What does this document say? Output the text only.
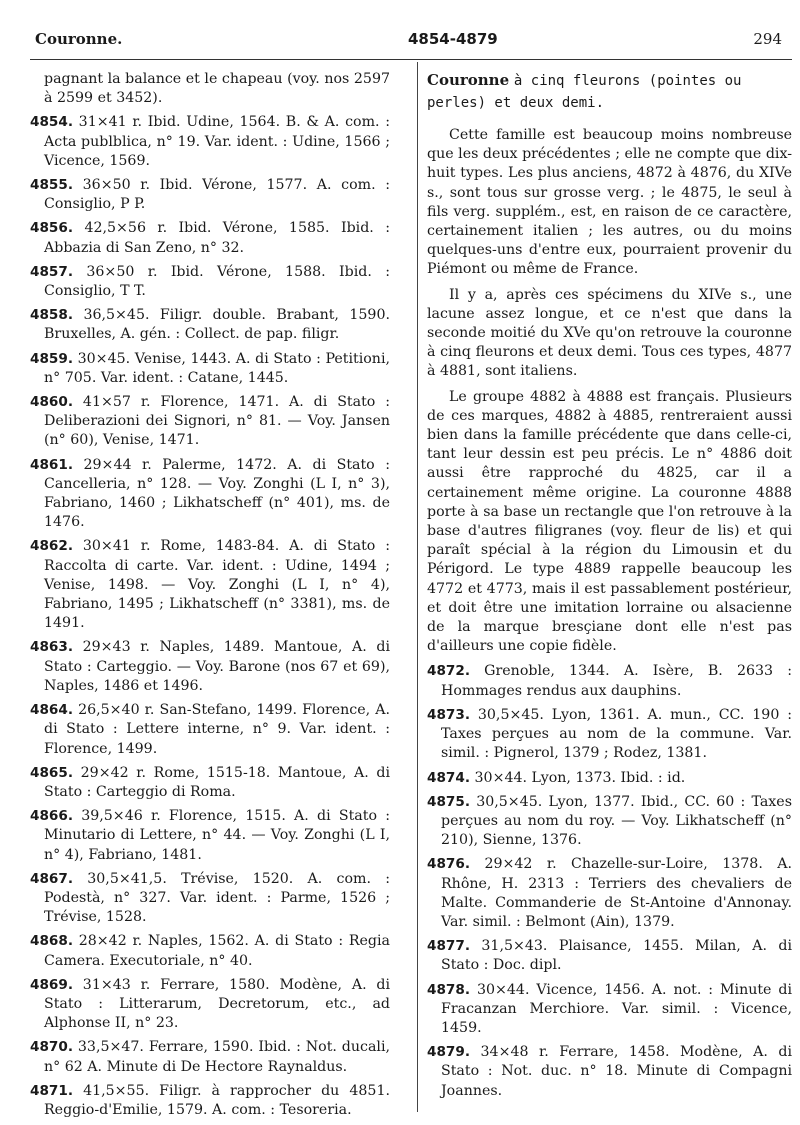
Couronne.	4854-4879	294

pagnant la balance et le chapeau (voy. nos 2597 à 2599 et 3452).

4854. 31×41 r. Ibid. Udine, 1564. B. & A. com. : Acta publblica, n° 19. Var. ident. : Udine, 1566 ; Vicence, 1569.

4855. 36×50 r. Ibid. Vérone, 1577. A. com. : Consiglio, P P.

4856. 42,5×56 r. Ibid. Vérone, 1585. Ibid. : Abbazia di San Zeno, n° 32.

4857. 36×50 r. Ibid. Vérone, 1588. Ibid. : Consiglio, T T.

4858. 36,5×45. Filigr. double. Brabant, 1590. Bruxelles, A. gén. : Collect. de pap. filigr.

4859. 30×45. Venise, 1443. A. di Stato : Petitioni, n° 705. Var. ident. : Catane, 1445.

4860. 41×57 r. Florence, 1471. A. di Stato : Deliberazioni dei Signori, n° 81. — Voy. Jansen (n° 60), Venise, 1471.

4861. 29×44 r. Palerme, 1472. A. di Stato : Cancelleria, n° 128. — Voy. Zonghi (L I, n° 3), Fabriano, 1460 ; Likhatscheff (n° 401), ms. de 1476.

4862. 30×41 r. Rome, 1483-84. A. di Stato : Raccolta di carte. Var. ident. : Udine, 1494 ; Venise, 1498. — Voy. Zonghi (L I, n° 4), Fabriano, 1495 ; Likhatscheff (n° 3381), ms. de 1491.

4863. 29×43 r. Naples, 1489. Mantoue, A. di Stato : Carteggio. — Voy. Barone (nos 67 et 69), Naples, 1486 et 1496.

4864. 26,5×40 r. San-Stefano, 1499. Florence, A. di Stato : Lettere interne, n° 9. Var. ident. : Florence, 1499.

4865. 29×42 r. Rome, 1515-18. Mantoue, A. di Stato : Carteggio di Roma.

4866. 39,5×46 r. Florence, 1515. A. di Stato : Minutario di Lettere, n° 44. — Voy. Zonghi (L I, n° 4), Fabriano, 1481.

4867. 30,5×41,5. Trévise, 1520. A. com. : Podestà, n° 327. Var. ident. : Parme, 1526 ; Trévise, 1528.

4868. 28×42 r. Naples, 1562. A. di Stato : Regia Camera. Executoriale, n° 40.

4869. 31×43 r. Ferrare, 1580. Modène, A. di Stato : Litterarum, Decretorum, etc., ad Alphonse II, n° 23.

4870. 33,5×47. Ferrare, 1590. Ibid. : Not. ducali, n° 62 A. Minute di De Hectore Raynaldus.

4871. 41,5×55. Filigr. à rapprocher du 4851. Reggio-d'Emilie, 1579. A. com. : Tesoreria.

Couronne à cinq fleurons (pointes ou perles) et deux demi.

Cette famille est beaucoup moins nombreuse que les deux précédentes ; elle ne compte que dix-huit types. Les plus anciens, 4872 à 4876, du XIVe s., sont tous sur grosse verg. ; le 4875, le seul à fils verg. supplém., est, en raison de ce caractère, certainement italien ; les autres, ou du moins quelques-uns d'entre eux, pourraient provenir du Piémont ou même de France.

Il y a, après ces spécimens du XIVe s., une lacune assez longue, et ce n'est que dans la seconde moitié du XVe qu'on retrouve la couronne à cinq fleurons et deux demi. Tous ces types, 4877 à 4881, sont italiens.

Le groupe 4882 à 4888 est français. Plusieurs de ces marques, 4882 à 4885, rentreraient aussi bien dans la famille précédente que dans celle-ci, tant leur dessin est peu précis. Le n° 4886 doit aussi être rapproché du 4825, car il a certainement même origine. La couronne 4888 porte à sa base un rectangle que l'on retrouve à la base d'autres filigranes (voy. fleur de lis) et qui paraît spécial à la région du Limousin et du Périgord. Le type 4889 rappelle beaucoup les 4772 et 4773, mais il est passablement postérieur, et doit être une imitation lorraine ou alsacienne de la marque bresçiane dont elle n'est pas d'ailleurs une copie fidèle.

4872. Grenoble, 1344. A. Isère, B. 2633 : Hommages rendus aux dauphins.

4873. 30,5×45. Lyon, 1361. A. mun., CC. 190 : Taxes perçues au nom de la commune. Var. simil. : Pignerol, 1379 ; Rodez, 1381.

4874. 30×44. Lyon, 1373. Ibid. : id.

4875. 30,5×45. Lyon, 1377. Ibid., CC. 60 : Taxes perçues au nom du roy. — Voy. Likhatscheff (n° 210), Sienne, 1376.

4876. 29×42 r. Chazelle-sur-Loire, 1378. A. Rhône, H. 2313 : Terriers des chevaliers de Malte. Commanderie de St-Antoine d'Annonay. Var. simil. : Belmont (Ain), 1379.

4877. 31,5×43. Plaisance, 1455. Milan, A. di Stato : Doc. dipl.

4878. 30×44. Vicence, 1456. A. not. : Minute di Fracanzan Merchiore. Var. simil. : Vicence, 1459.

4879. 34×48 r. Ferrare, 1458. Modène, A. di Stato : Not. duc. n° 18. Minute di Compagni Joannes.
